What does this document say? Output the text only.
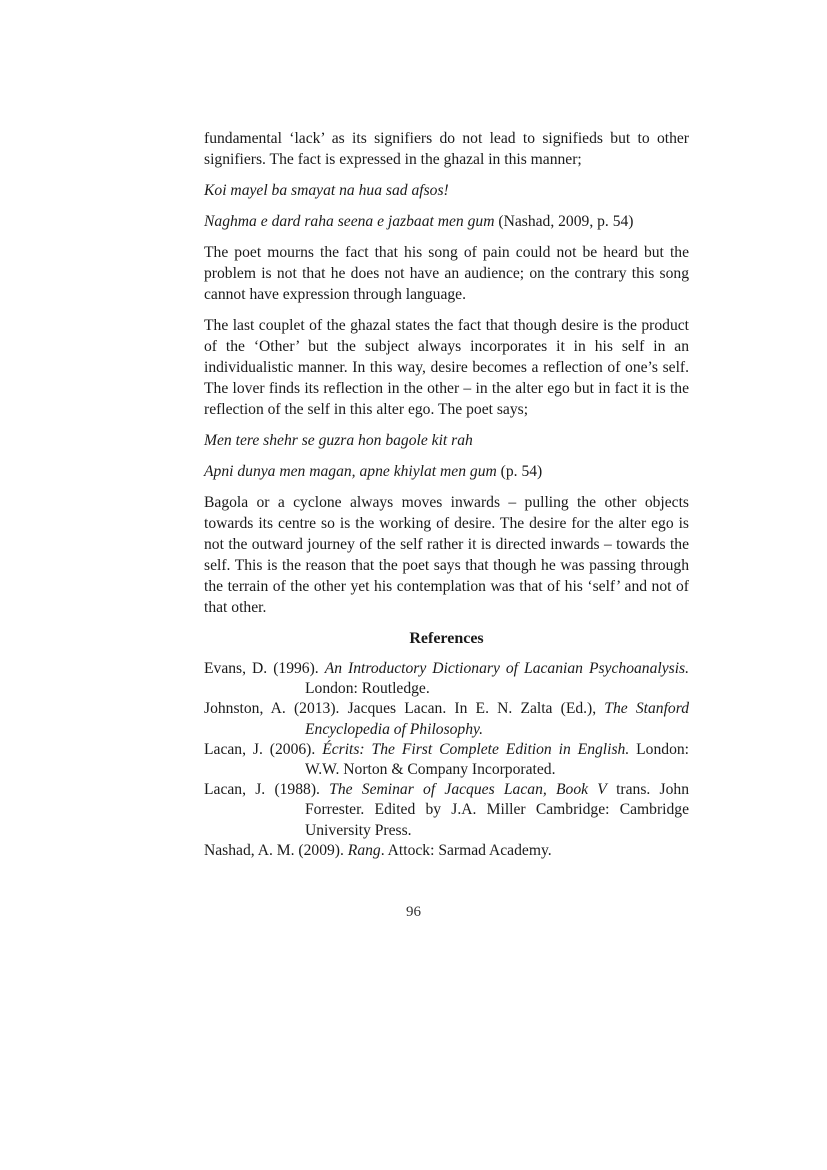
fundamental ‘lack’ as its signifiers do not lead to signifieds but to other signifiers. The fact is expressed in the ghazal in this manner;

Koi mayel ba smayat na hua sad afsos!

Naghma e dard raha seena e jazbaat men gum (Nashad, 2009, p. 54)

The poet mourns the fact that his song of pain could not be heard but the problem is not that he does not have an audience; on the contrary this song cannot have expression through language.

The last couplet of the ghazal states the fact that though desire is the product of the ‘Other’ but the subject always incorporates it in his self in an individualistic manner. In this way, desire becomes a reflection of one’s self. The lover finds its reflection in the other – in the alter ego but in fact it is the reflection of the self in this alter ego. The poet says;

Men tere shehr se guzra hon bagole kit rah

Apni dunya men magan, apne khiylat men gum (p. 54)

Bagola or a cyclone always moves inwards – pulling the other objects towards its centre so is the working of desire. The desire for the alter ego is not the outward journey of the self rather it is directed inwards – towards the self. This is the reason that the poet says that though he was passing through the terrain of the other yet his contemplation was that of his ‘self’ and not of that other.

References

Evans, D. (1996). An Introductory Dictionary of Lacanian Psychoanalysis. London: Routledge.

Johnston, A. (2013). Jacques Lacan. In E. N. Zalta (Ed.), The Stanford Encyclopedia of Philosophy.

Lacan, J. (2006). Écrits: The First Complete Edition in English. London: W.W. Norton & Company Incorporated.

Lacan, J. (1988). The Seminar of Jacques Lacan, Book V trans. John Forrester. Edited by J.A. Miller Cambridge: Cambridge University Press.

Nashad, A. M. (2009). Rang. Attock: Sarmad Academy.

96
